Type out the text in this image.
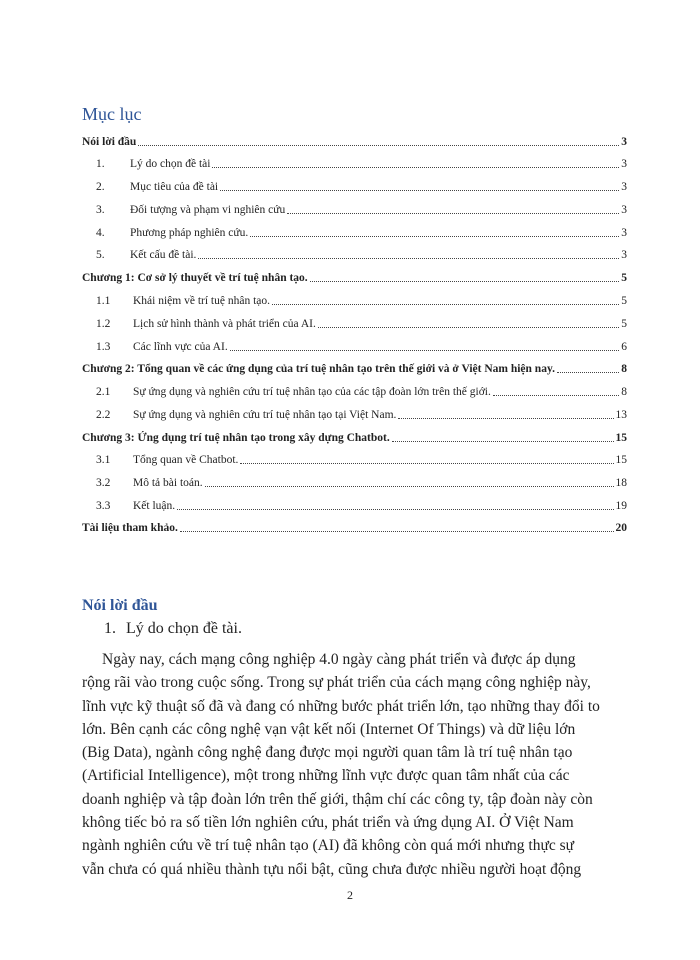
Mục lục
Nói lời đầu	3
1.	Lý do chọn đề tài	3
2.	Mục tiêu của đề tài	3
3.	Đối tượng và phạm vi nghiên cứu	3
4.	Phương pháp nghiên cứu.	3
5.	Kết cấu đề tài.	3
Chương 1: Cơ sở lý thuyết về trí tuệ nhân tạo.	5
1.1	Khái niệm về trí tuệ nhân tạo.	5
1.2	Lịch sử hình thành và phát triển của AI.	5
1.3	Các lĩnh vực của AI.	6
Chương 2: Tổng quan về các ứng dụng của trí tuệ nhân tạo trên thế giới và ở Việt Nam hiện nay.	8
2.1	Sự ứng dụng và nghiên cứu trí tuệ nhân tạo của các tập đoàn lớn trên thế giới.	8
2.2	Sự ứng dụng và nghiên cứu trí tuệ nhân tạo tại Việt Nam.	13
Chương 3: Ứng dụng trí tuệ nhân tạo trong xây dựng Chatbot.	15
3.1	Tổng quan về Chatbot.	15
3.2	Mô tả bài toán.	18
3.3	Kết luận.	19
Tài liệu tham khảo.	20
Nói lời đầu
1. Lý do chọn đề tài.
Ngày nay, cách mạng công nghiệp 4.0 ngày càng phát triển và được áp dụng
rộng rãi vào trong cuộc sống. Trong sự phát triển của cách mạng công nghiệp này,
lĩnh vực kỹ thuật số đã và đang có những bước phát triển lớn, tạo những thay đổi to
lớn. Bên cạnh các công nghệ vạn vật kết nối (Internet Of Things) và dữ liệu lớn
(Big Data), ngành công nghệ đang được mọi người quan tâm là trí tuệ nhân tạo
(Artificial Intelligence), một trong những lĩnh vực được quan tâm nhất của các
doanh nghiệp và tập đoàn lớn trên thế giới, thậm chí các công ty, tập đoàn này còn
không tiếc bỏ ra số tiền lớn nghiên cứu, phát triển và ứng dụng AI. Ở Việt Nam
ngành nghiên cứu về trí tuệ nhân tạo (AI) đã không còn quá mới nhưng thực sự
vẫn chưa có quá nhiều thành tựu nổi bật, cũng chưa được nhiều người hoạt động
2
